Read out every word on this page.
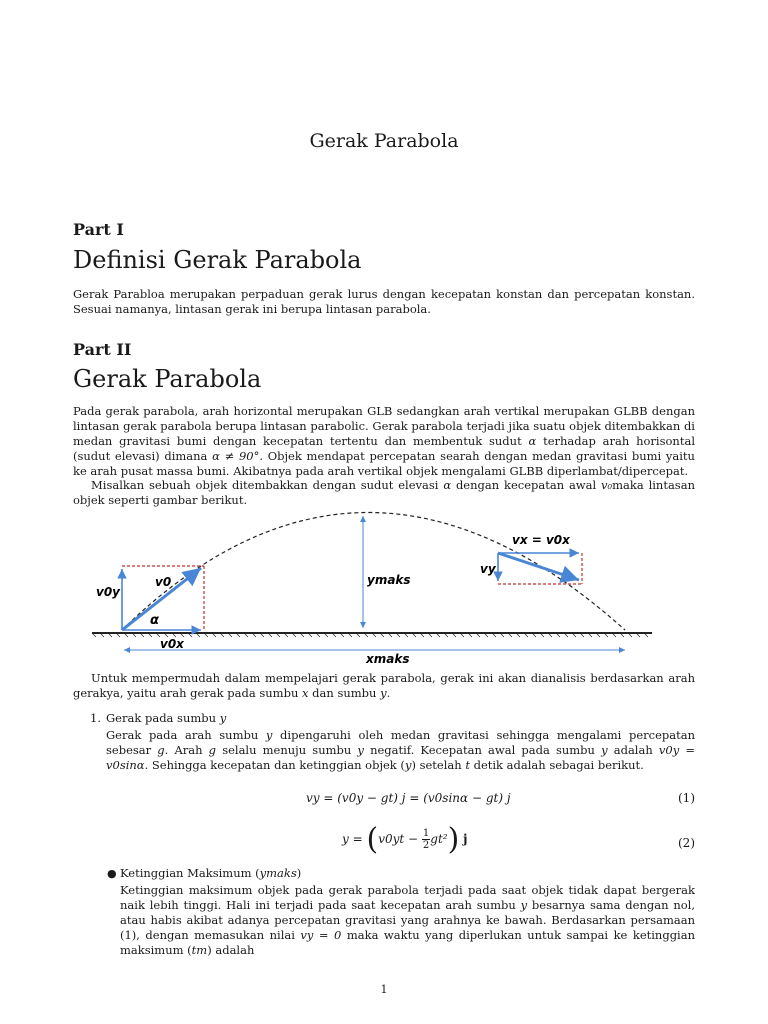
Gerak Parabola
Part I
Definisi Gerak Parabola

Gerak Parabloa merupakan perpaduan gerak lurus dengan kecepatan konstan dan percepatan konstan. Sesuai namanya, lintasan gerak ini berupa lintasan parabola.

Part II
Gerak Parabola

Pada gerak parabola, arah horizontal merupakan GLB sedangkan arah vertikal merupakan GLBB dengan lintasan gerak parabola berupa lintasan parabolic. Gerak parabola terjadi jika suatu objek ditembakkan di medan gravitasi bumi dengan kecepatan tertentu dan membentuk sudut α terhadap arah horisontal (sudut elevasi) dimana α ≠ 90°. Objek mendapat percepatan searah dengan medan gravitasi bumi yaitu ke arah pusat massa bumi. Akibatnya pada arah vertikal objek mengalami GLBB diperlambat/dipercepat.

Misalkan sebuah objek ditembakkan dengan sudut elevasi α dengan kecepatan awal v₀maka lintasan objek seperti gambar berikut.

v0y
v0
α
v0x
ymaks
xmaks
vx = v0x
vy

Untuk mempermudah dalam mempelajari gerak parabola, gerak ini akan dianalisis berdasarkan arah gerakya, yaitu arah gerak pada sumbu x dan sumbu y.

1. Gerak pada sumbu y

Gerak pada arah sumbu y dipengaruhi oleh medan gravitasi sehingga mengalami percepatan sebesar g. Arah g selalu menuju sumbu y negatif. Kecepatan awal pada sumbu y adalah v0y = v0sinα. Sehingga kecepatan dan ketinggian objek (y) setelah t detik adalah sebagai berikut.

vy = (v0y − gt) j = (v0sinα − gt) j	(1)
$y = (v0yt - \frac{1}{2} gt^2)$ j	(2)
● Ketinggian Maksimum (ymaks)

Ketinggian maksimum objek pada gerak parabola terjadi pada saat objek tidak dapat bergerak naik lebih tinggi. Hali ini terjadi pada saat kecepatan arah sumbu y besarnya sama dengan nol, atau habis akibat adanya percepatan gravitasi yang arahnya ke bawah. Berdasarkan persamaan (1), dengan memasukan nilai vy = 0 maka waktu yang diperlukan untuk sampai ke ketinggian maksimum (tm) adalah

1
